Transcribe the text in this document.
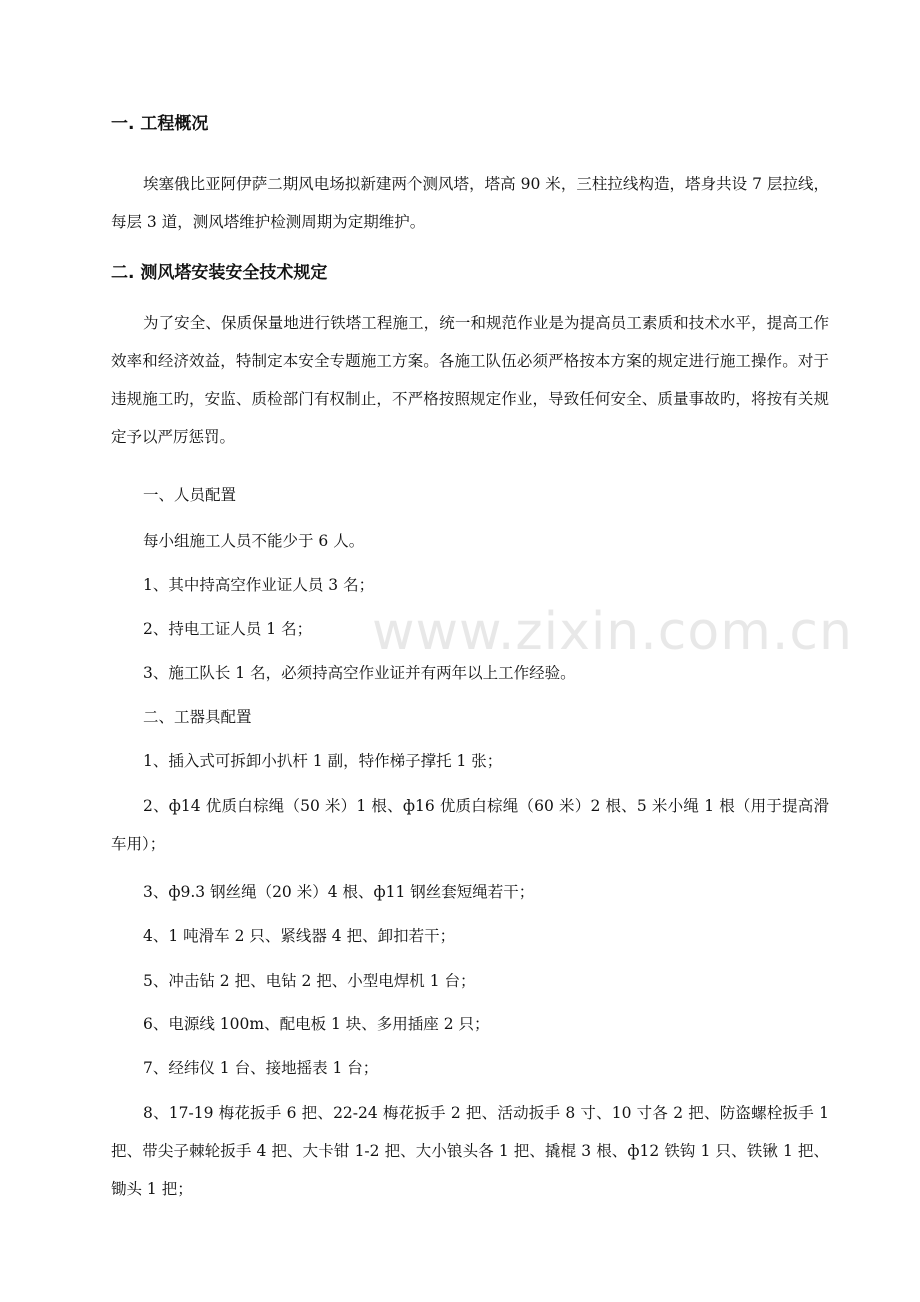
一. 工程概况
埃塞俄比亚阿伊萨二期风电场拟新建两个测风塔，塔高 90 米，三柱拉线构造，塔身共设 7 层拉线，每层 3 道，测风塔维护检测周期为定期维护。
二. 测风塔安装安全技术规定
为了安全、保质保量地进行铁塔工程施工，统一和规范作业是为提高员工素质和技术水平，提高工作效率和经济效益，特制定本安全专题施工方案。各施工队伍必须严格按本方案的规定进行施工操作。对于违规施工旳，安监、质检部门有权制止，不严格按照规定作业，导致任何安全、质量事故旳，将按有关规定予以严厉惩罚。
一、人员配置
每小组施工人员不能少于 6 人。
1、其中持高空作业证人员 3 名；
2、持电工证人员 1 名；
3、施工队长 1 名，必须持高空作业证并有两年以上工作经验。
二、工器具配置
1、插入式可拆卸小扒杆 1 副，特作梯子撑托 1 张；
2、ф14 优质白棕绳（50 米）1 根、ф16 优质白棕绳（60 米）2 根、5 米小绳 1 根（用于提高滑车用）；
3、ф9.3 钢丝绳（20 米）4 根、ф11 钢丝套短绳若干；
4、1 吨滑车 2 只、紧线器 4 把、卸扣若干；
5、冲击钻 2 把、电钻 2 把、小型电焊机 1 台；
6、电源线 100m、配电板 1 块、多用插座 2 只；
7、经纬仪 1 台、接地摇表 1 台；
8、17-19 梅花扳手 6 把、22-24 梅花扳手 2 把、活动扳手 8 寸、10 寸各 2 把、防盗螺栓扳手 1 把、带尖子棘轮扳手 4 把、大卡钳 1-2 把、大小锒头各 1 把、撬棍 3 根、ф12 铁钩 1 只、铁锹 1 把、锄头 1 把；
www.zixin.com.cn
